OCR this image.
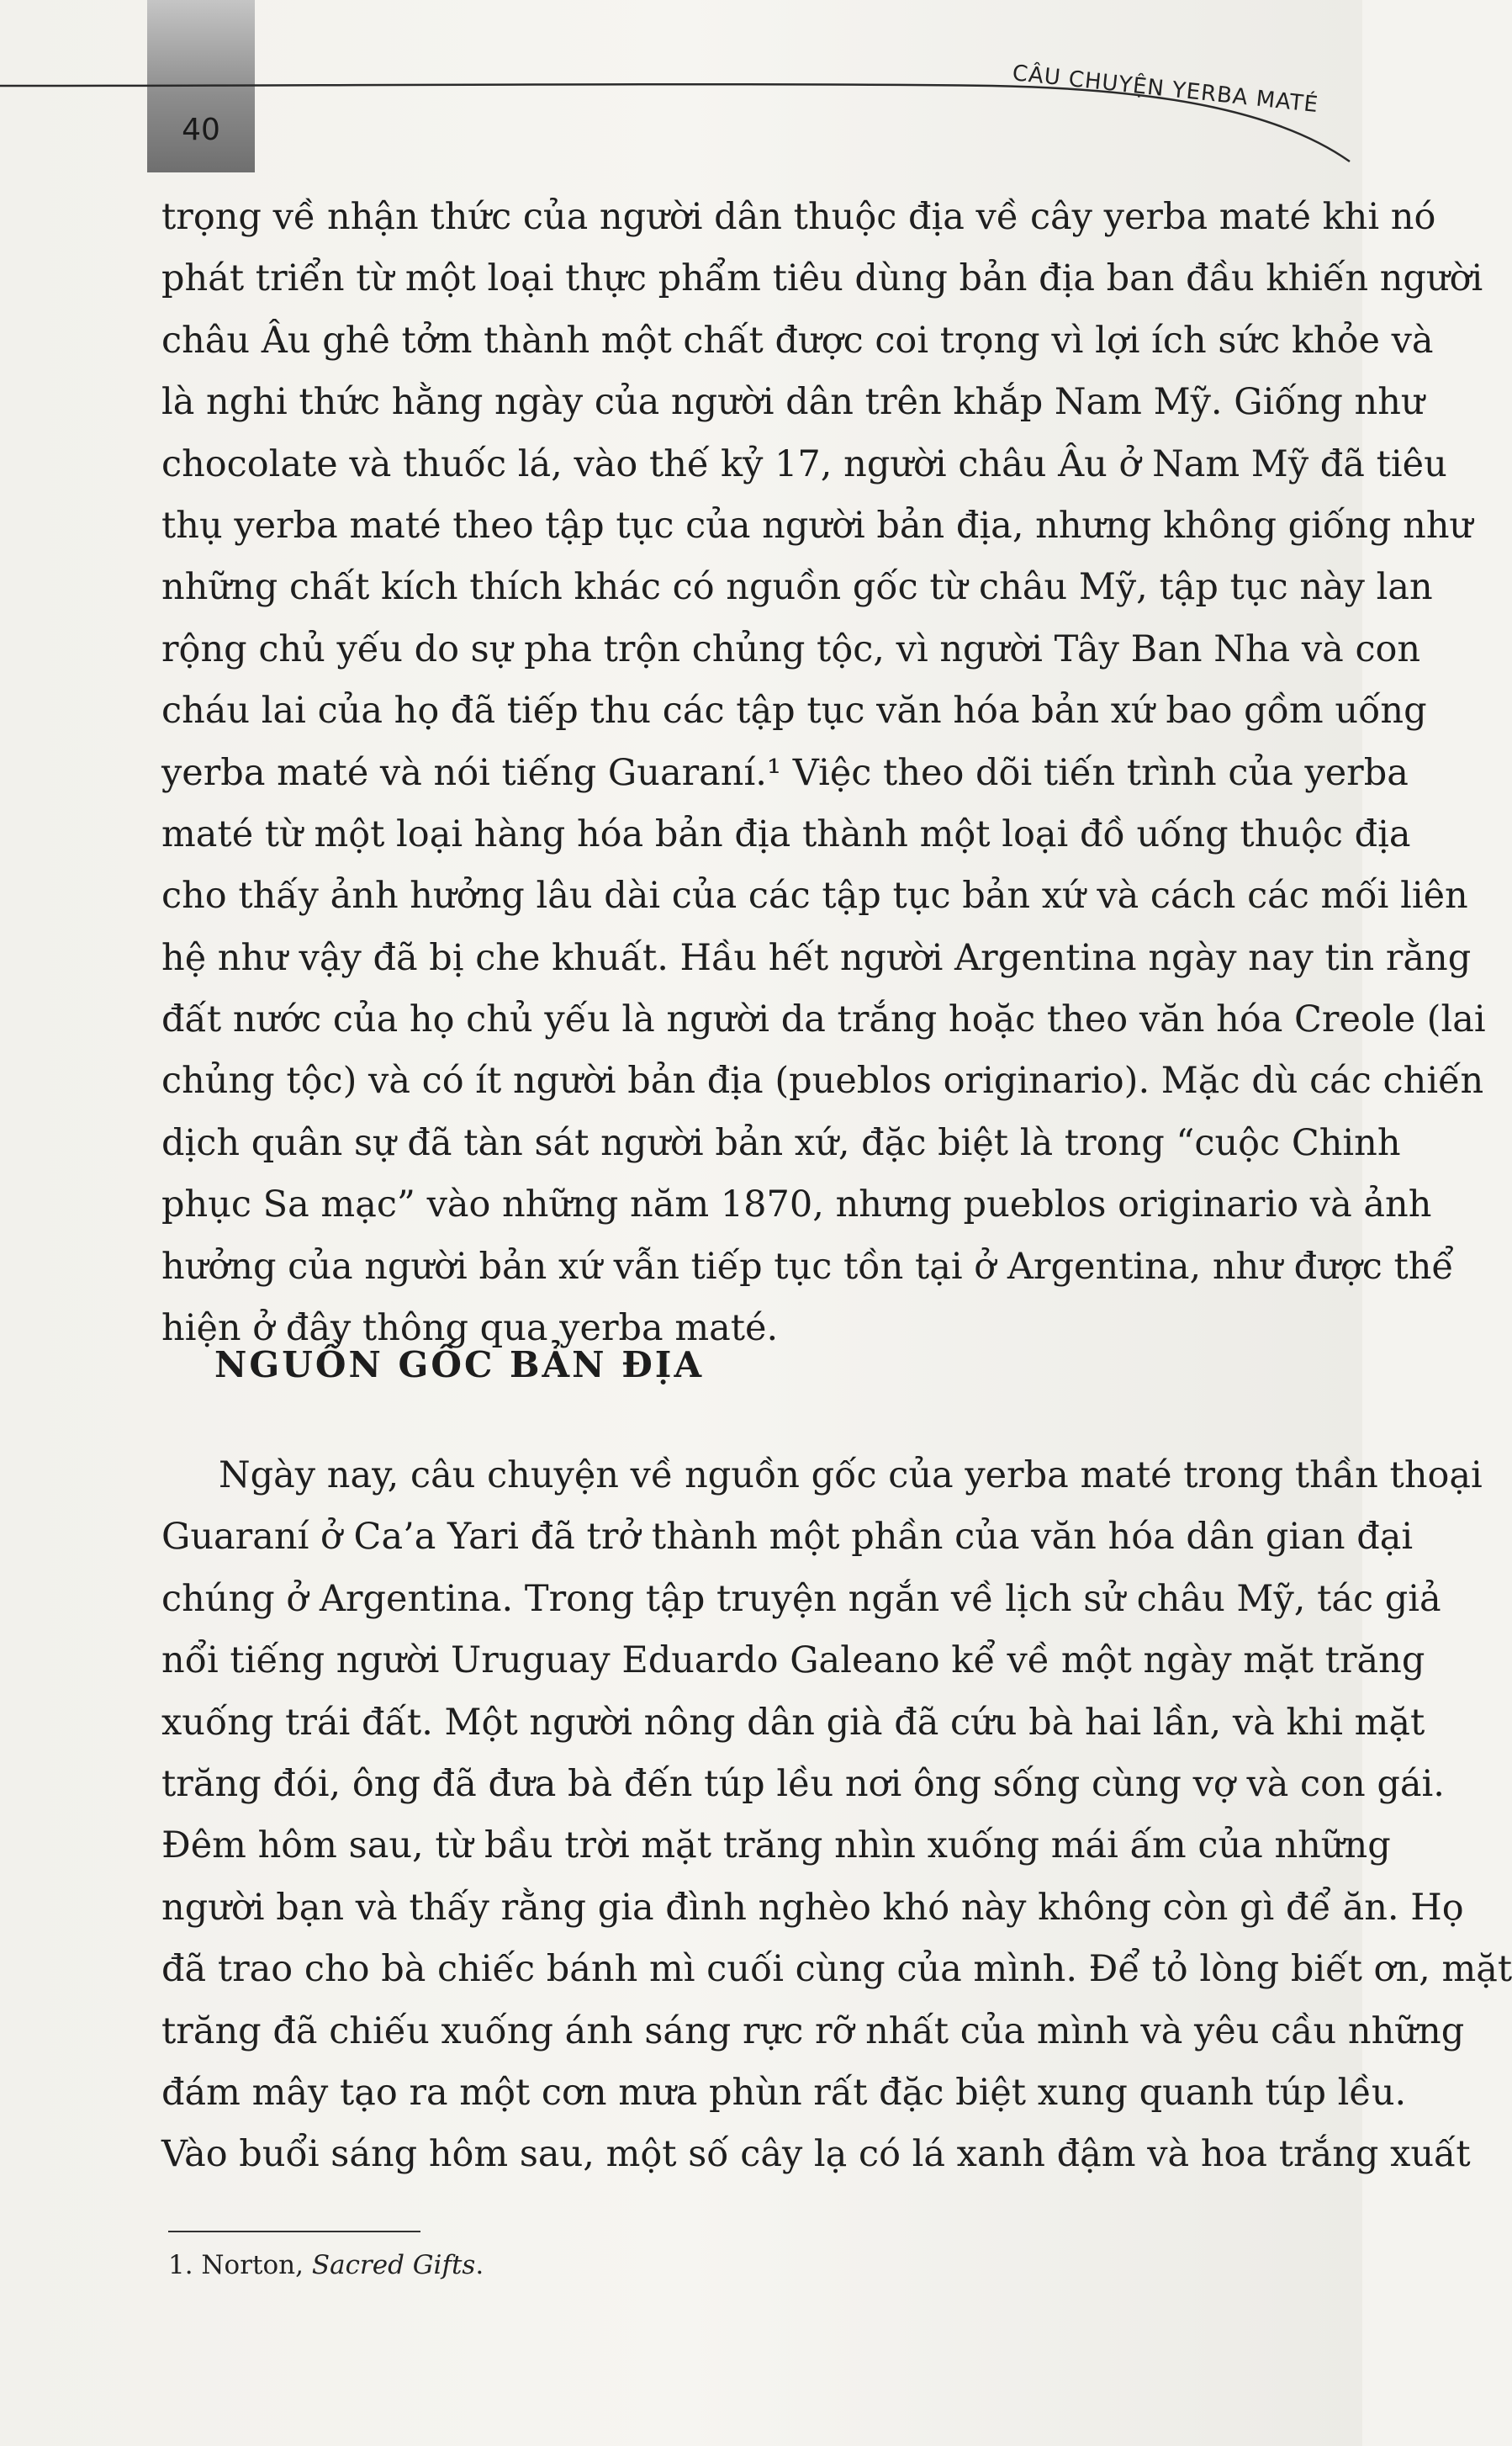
40
CÂU CHUYỆN YERBA MATÉ
trọng về nhận thức của người dân thuộc địa về cây yerba maté khi nó
phát triển từ một loại thực phẩm tiêu dùng bản địa ban đầu khiến người
châu Âu ghê tởm thành một chất được coi trọng vì lợi ích sức khỏe và
là nghi thức hằng ngày của người dân trên khắp Nam Mỹ. Giống như
chocolate và thuốc lá, vào thế kỷ 17, người châu Âu ở Nam Mỹ đã tiêu
thụ yerba maté theo tập tục của người bản địa, nhưng không giống như
những chất kích thích khác có nguồn gốc từ châu Mỹ, tập tục này lan
rộng chủ yếu do sự pha trộn chủng tộc, vì người Tây Ban Nha và con
cháu lai của họ đã tiếp thu các tập tục văn hóa bản xứ bao gồm uống
yerba maté và nói tiếng Guaraní.¹ Việc theo dõi tiến trình của yerba
maté từ một loại hàng hóa bản địa thành một loại đồ uống thuộc địa
cho thấy ảnh hưởng lâu dài của các tập tục bản xứ và cách các mối liên
hệ như vậy đã bị che khuất. Hầu hết người Argentina ngày nay tin rằng
đất nước của họ chủ yếu là người da trắng hoặc theo văn hóa Creole (lai
chủng tộc) và có ít người bản địa (pueblos originario). Mặc dù các chiến
dịch quân sự đã tàn sát người bản xứ, đặc biệt là trong “cuộc Chinh
phục Sa mạc” vào những năm 1870, nhưng pueblos originario và ảnh
hưởng của người bản xứ vẫn tiếp tục tồn tại ở Argentina, như được thể
hiện ở đây thông qua yerba maté.
NGUỒN GỐC BẢN ĐỊA
Ngày nay, câu chuyện về nguồn gốc của yerba maté trong thần thoại
Guaraní ở Ca’a Yari đã trở thành một phần của văn hóa dân gian đại
chúng ở Argentina. Trong tập truyện ngắn về lịch sử châu Mỹ, tác giả
nổi tiếng người Uruguay Eduardo Galeano kể về một ngày mặt trăng
xuống trái đất. Một người nông dân già đã cứu bà hai lần, và khi mặt
trăng đói, ông đã đưa bà đến túp lều nơi ông sống cùng vợ và con gái.
Đêm hôm sau, từ bầu trời mặt trăng nhìn xuống mái ấm của những
người bạn và thấy rằng gia đình nghèo khó này không còn gì để ăn. Họ
đã trao cho bà chiếc bánh mì cuối cùng của mình. Để tỏ lòng biết ơn, mặt
trăng đã chiếu xuống ánh sáng rực rỡ nhất của mình và yêu cầu những
đám mây tạo ra một cơn mưa phùn rất đặc biệt xung quanh túp lều.
Vào buổi sáng hôm sau, một số cây lạ có lá xanh đậm và hoa trắng xuất
1. Norton, Sacred Gifts.
